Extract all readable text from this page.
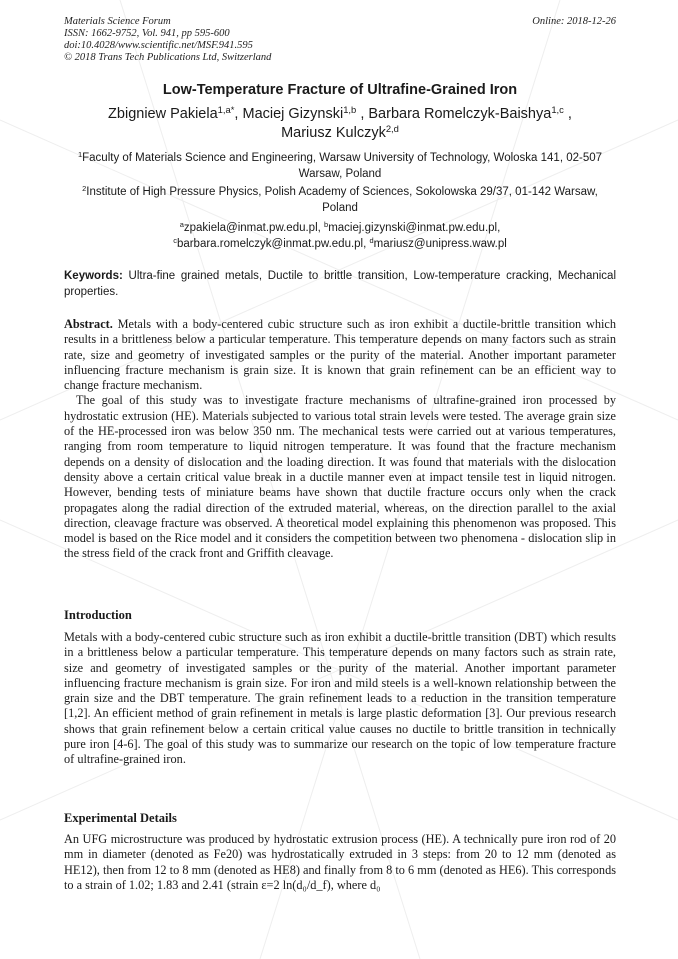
Materials Science Forum
ISSN: 1662-9752, Vol. 941, pp 595-600
doi:10.4028/www.scientific.net/MSF.941.595
© 2018 Trans Tech Publications Ltd, Switzerland
Online: 2018-12-26
Low-Temperature Fracture of Ultrafine-Grained Iron
Zbigniew Pakiela$^{1,a*}$, Maciej Gizynski$^{1,b}$ , Barbara Romelczyk-Baishya$^{1,c}$ ,
Mariusz Kulczyk$^{2,d}$
$^1$Faculty of Materials Science and Engineering, Warsaw University of Technology, Woloska 141, 02-507 Warsaw, Poland
$^2$Institute of High Pressure Physics, Polish Academy of Sciences, Sokolowska 29/37, 01-142 Warsaw, Poland
$^a$zpakiela@inmat.pw.edu.pl, $^b$maciej.gizynski@inmat.pw.edu.pl,
$^c$barbara.romelczyk@inmat.pw.edu.pl, $^d$mariusz@unipress.waw.pl
Keywords: Ultra-fine grained metals, Ductile to brittle transition, Low-temperature cracking, Mechanical properties.

Abstract. Metals with a body-centered cubic structure such as iron exhibit a ductile-brittle transition which results in a brittleness below a particular temperature. This temperature depends on many factors such as strain rate, size and geometry of investigated samples or the purity of the material. Another important parameter influencing fracture mechanism is grain size. It is known that grain refinement can be an efficient way to change fracture mechanism.

The goal of this study was to investigate fracture mechanisms of ultrafine-grained iron processed by hydrostatic extrusion (HE). Materials subjected to various total strain levels were tested. The average grain size of the HE-processed iron was below 350 nm. The mechanical tests were carried out at various temperatures, ranging from room temperature to liquid nitrogen temperature. It was found that the fracture mechanism depends on a density of dislocation and the loading direction. It was found that materials with the dislocation density above a certain critical value break in a ductile manner even at impact tensile test in liquid nitrogen. However, bending tests of miniature beams have shown that ductile fracture occurs only when the crack propagates along the radial direction of the extruded material, whereas, on the direction parallel to the axial direction, cleavage fracture was observed. A theoretical model explaining this phenomenon was proposed. This model is based on the Rice model and it considers the competition between two phenomena - dislocation slip in the stress field of the crack front and Griffith cleavage.

Introduction

Metals with a body-centered cubic structure such as iron exhibit a ductile-brittle transition (DBT) which results in a brittleness below a particular temperature. This temperature depends on many factors such as strain rate, size and geometry of investigated samples or the purity of the material. Another important parameter influencing fracture mechanism is grain size. For iron and mild steels is a well-known relationship between the grain size and the DBT temperature. The grain refinement leads to a reduction in the transition temperature [1,2]. An efficient method of grain refinement in metals is large plastic deformation [3]. Our previous research shows that grain refinement below a certain critical value causes no ductile to brittle transition in technically pure iron [4-6]. The goal of this study was to summarize our research on the topic of low temperature fracture of ultrafine-grained iron.

Experimental Details

An UFG microstructure was produced by hydrostatic extrusion process (HE). A technically pure iron rod of 20 mm in diameter (denoted as Fe20) was hydrostatically extruded in 3 steps: from 20 to 12 mm (denoted as HE12), then from 12 to 8 mm (denoted as HE8) and finally from 8 to 6 mm (denoted as HE6). This corresponds to a strain of 1.02; 1.83 and 2.41 (strain ε=2 ln(d₀/d_f), where d₀
